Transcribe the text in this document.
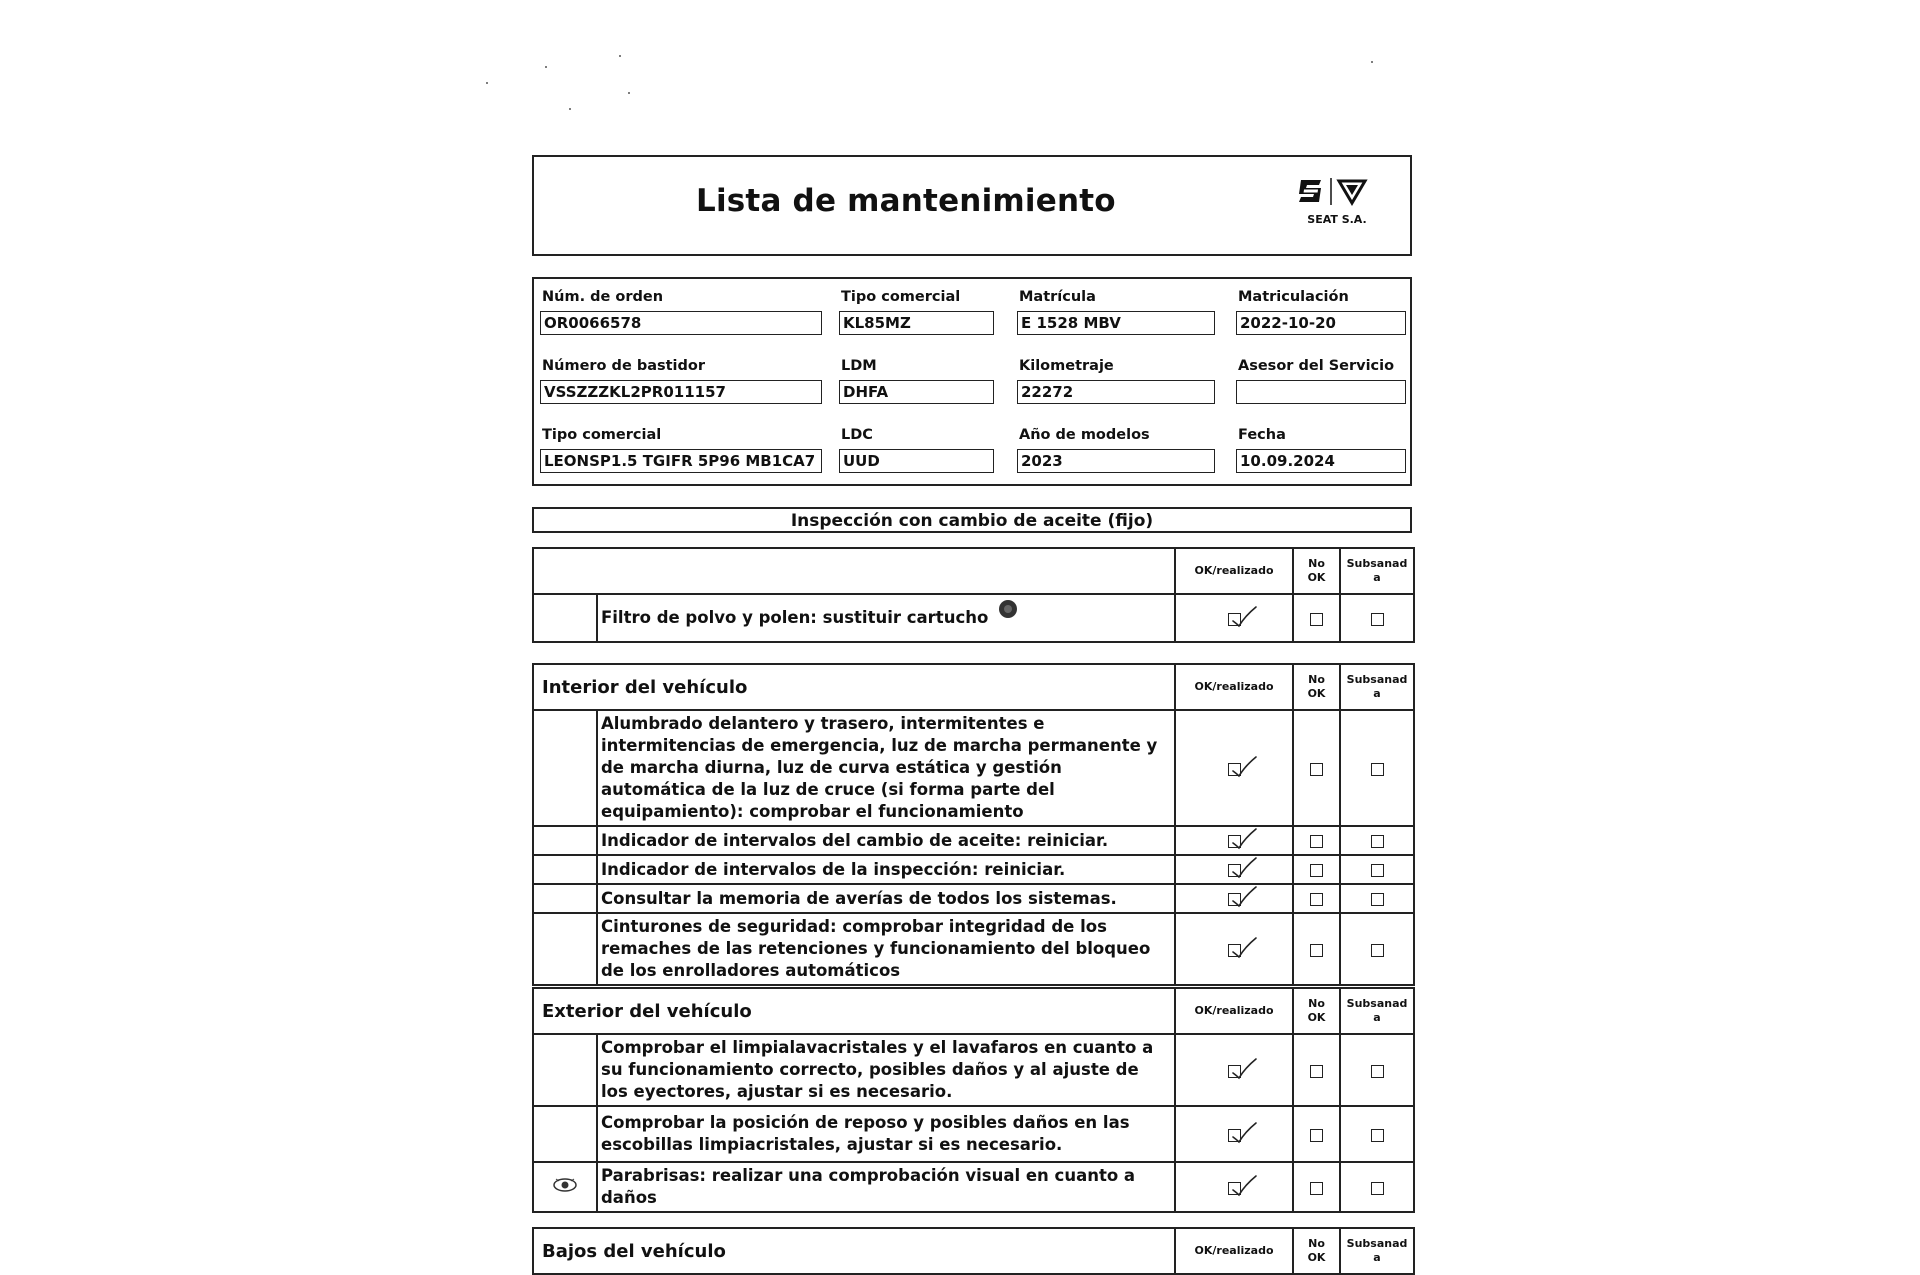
Lista de mantenimiento
SEAT S.A.
Núm. de orden
OR0066578
Tipo comercial
KL85MZ
Matrícula
E 1528 MBV
Matriculación
2022-10-20
Número de bastidor
VSSZZZKL2PR011157
LDM
DHFA
Kilometraje
22272
Asesor del Servicio
Tipo comercial
LEONSP1.5 TGIFR 5P96 MB1CA7
LDC
UUD
Año de modelos
2023
Fecha
10.09.2024
Inspección con cambio de aceite (fijo)
		OK/realizado	No
OK	Subsanad
a
	Filtro de polvo y polen: sustituir cartucho	

Interior del vehículo		OK/realizado	No
OK	Subsanad
a
	Alumbrado delantero y trasero, intermitentes e intermitencias de emergencia, luz de marcha permanente y de marcha diurna, luz de curva estática y gestión automática de la luz de cruce (si forma parte del equipamiento): comprobar el funcionamiento	

	Indicador de intervalos del cambio de aceite: reiniciar.	

	Indicador de intervalos de la inspección: reiniciar.	

	Consultar la memoria de averías de todos los sistemas.	

	Cinturones de seguridad: comprobar integridad de los remaches de las retenciones y funcionamiento del bloqueo de los enrolladores automáticos	

Exterior del vehículo		OK/realizado	No
OK	Subsanad
a
	Comprobar el limpialavacristales y el lavafaros en cuanto a su funcionamiento correcto, posibles daños y al ajuste de los eyectores, ajustar si es necesario.	

	Comprobar la posición de reposo y posibles daños en las escobillas limpiacristales, ajustar si es necesario.	

	Parabrisas: realizar una comprobación visual en cuanto a daños	

Bajos del vehículo	OK/realizado	No
OK	Subsanad
a
